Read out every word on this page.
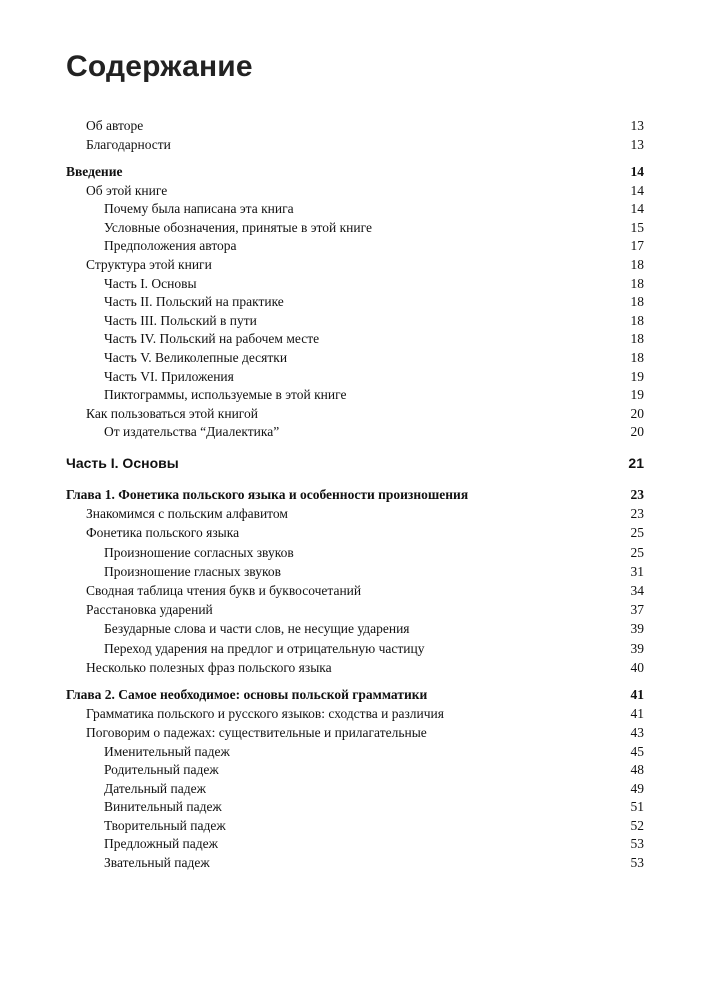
Содержание
Об авторе	13
Благодарности	13
Введение	14
Об этой книге	14
Почему была написана эта книга	14
Условные обозначения, принятые в этой книге	15
Предположения автора	17
Структура этой книги	18
Часть I. Основы	18
Часть II. Польский на практике	18
Часть III. Польский в пути	18
Часть IV. Польский на рабочем месте	18
Часть V. Великолепные десятки	18
Часть VI. Приложения	19
Пиктограммы, используемые в этой книге	19
Как пользоваться этой книгой	20
От издательства “Диалектика”	20
Часть I. Основы	21
Глава 1. Фонетика польского языка и особенности произношения	23
Знакомимся с польским алфавитом	23
Фонетика польского языка	25
Произношение согласных звуков	25
Произношение гласных звуков	31
Сводная таблица чтения букв и буквосочетаний	34
Расстановка ударений	37
Безударные слова и части слов, не несущие ударения	39
Переход ударения на предлог и отрицательную частицу	39
Несколько полезных фраз польского языка	40
Глава 2. Самое необходимое: основы польской грамматики	41
Грамматика польского и русского языков: сходства и различия	41
Поговорим о падежах: существительные и прилагательные	43
Именительный падеж	45
Родительный падеж	48
Дательный падеж	49
Винительный падеж	51
Творительный падеж	52
Предложный падеж	53
Звательный падеж	53
